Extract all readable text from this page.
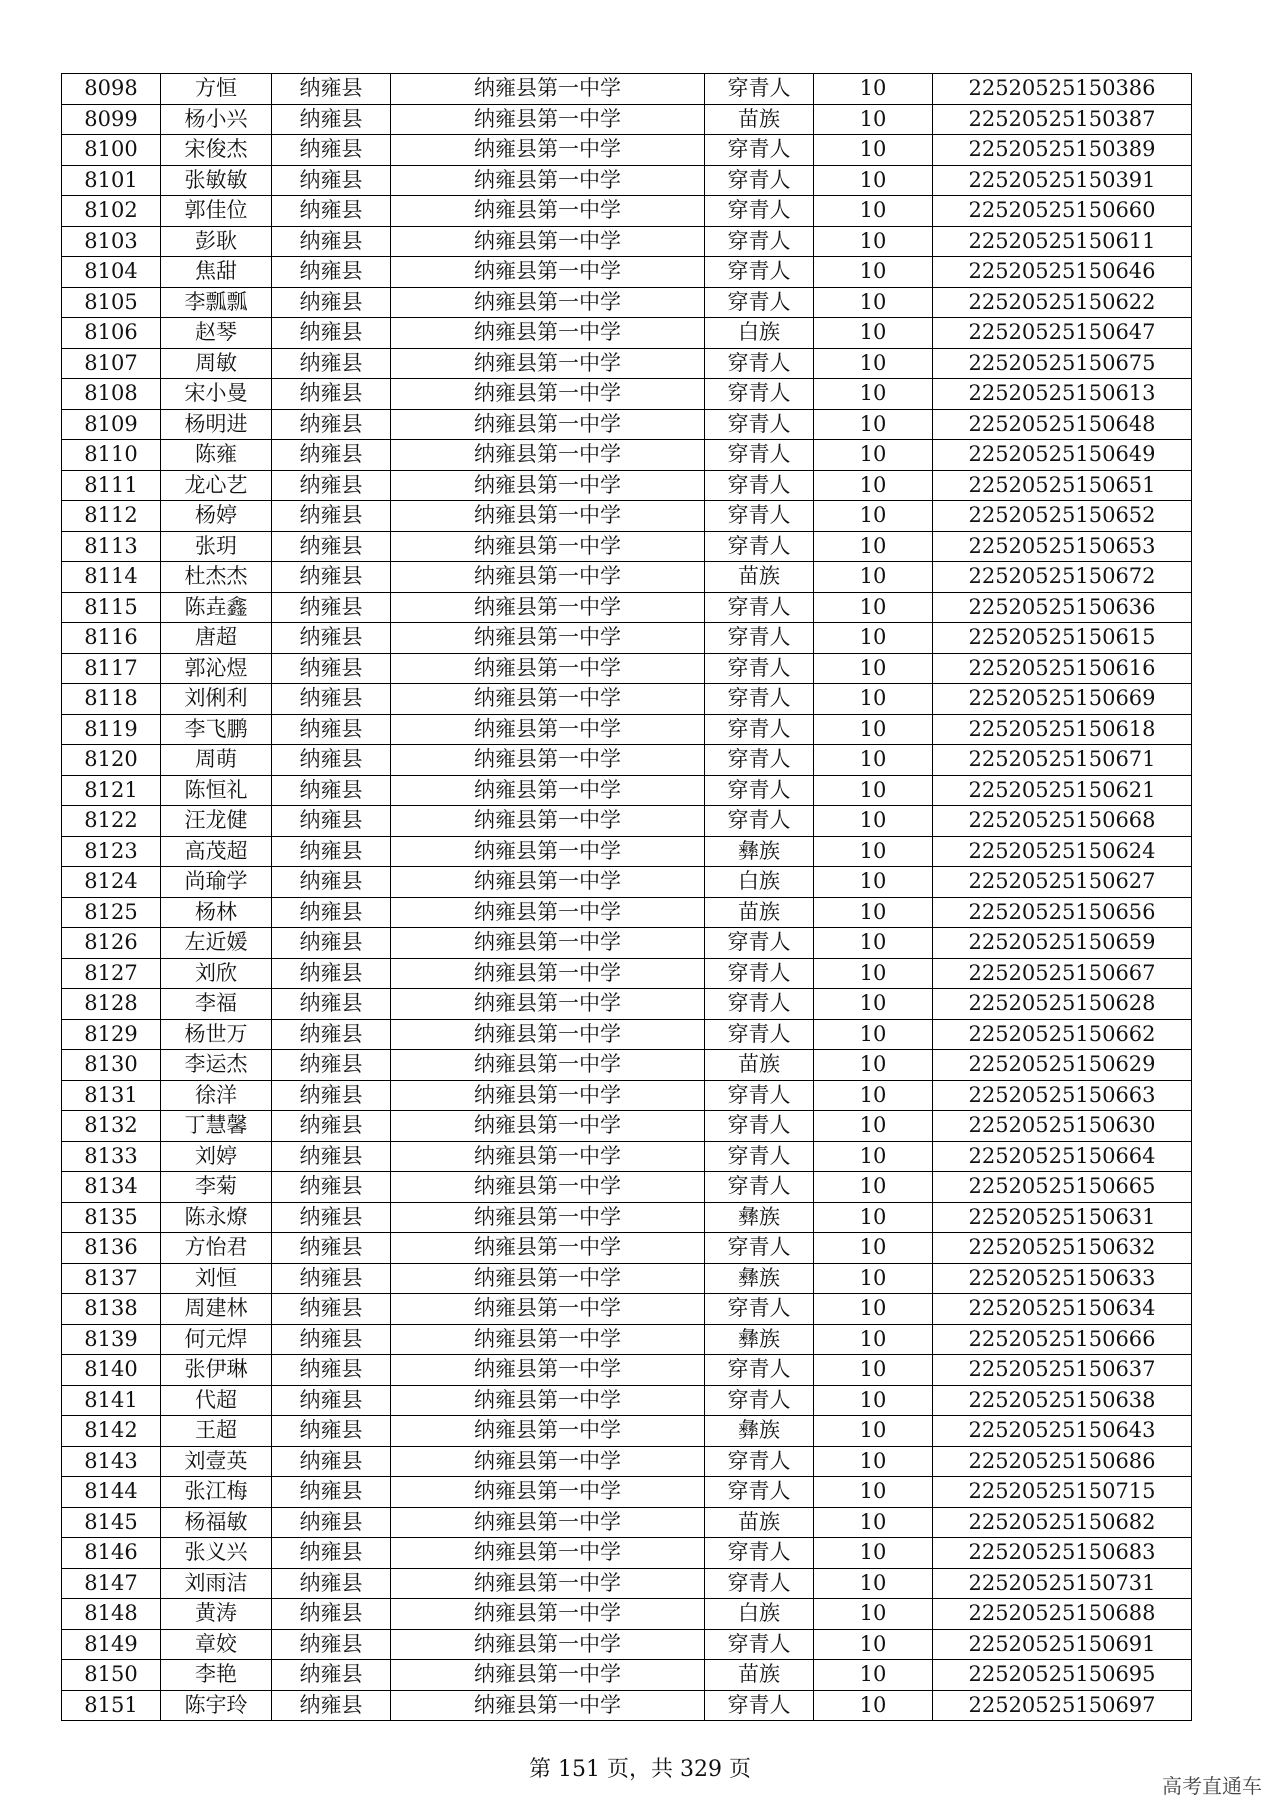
8098	方恒	纳雍县	纳雍县第一中学	穿青人	10	22520525150386
8099	杨小兴	纳雍县	纳雍县第一中学	苗族	10	22520525150387
8100	宋俊杰	纳雍县	纳雍县第一中学	穿青人	10	22520525150389
8101	张敏敏	纳雍县	纳雍县第一中学	穿青人	10	22520525150391
8102	郭佳位	纳雍县	纳雍县第一中学	穿青人	10	22520525150660
8103	彭耿	纳雍县	纳雍县第一中学	穿青人	10	22520525150611
8104	焦甜	纳雍县	纳雍县第一中学	穿青人	10	22520525150646
8105	李瓢瓢	纳雍县	纳雍县第一中学	穿青人	10	22520525150622
8106	赵琴	纳雍县	纳雍县第一中学	白族	10	22520525150647
8107	周敏	纳雍县	纳雍县第一中学	穿青人	10	22520525150675
8108	宋小曼	纳雍县	纳雍县第一中学	穿青人	10	22520525150613
8109	杨明进	纳雍县	纳雍县第一中学	穿青人	10	22520525150648
8110	陈雍	纳雍县	纳雍县第一中学	穿青人	10	22520525150649
8111	龙心艺	纳雍县	纳雍县第一中学	穿青人	10	22520525150651
8112	杨婷	纳雍县	纳雍县第一中学	穿青人	10	22520525150652
8113	张玥	纳雍县	纳雍县第一中学	穿青人	10	22520525150653
8114	杜杰杰	纳雍县	纳雍县第一中学	苗族	10	22520525150672
8115	陈垚鑫	纳雍县	纳雍县第一中学	穿青人	10	22520525150636
8116	唐超	纳雍县	纳雍县第一中学	穿青人	10	22520525150615
8117	郭沁煜	纳雍县	纳雍县第一中学	穿青人	10	22520525150616
8118	刘俐利	纳雍县	纳雍县第一中学	穿青人	10	22520525150669
8119	李飞鹏	纳雍县	纳雍县第一中学	穿青人	10	22520525150618
8120	周萌	纳雍县	纳雍县第一中学	穿青人	10	22520525150671
8121	陈恒礼	纳雍县	纳雍县第一中学	穿青人	10	22520525150621
8122	汪龙健	纳雍县	纳雍县第一中学	穿青人	10	22520525150668
8123	高茂超	纳雍县	纳雍县第一中学	彝族	10	22520525150624
8124	尚瑜学	纳雍县	纳雍县第一中学	白族	10	22520525150627
8125	杨林	纳雍县	纳雍县第一中学	苗族	10	22520525150656
8126	左近媛	纳雍县	纳雍县第一中学	穿青人	10	22520525150659
8127	刘欣	纳雍县	纳雍县第一中学	穿青人	10	22520525150667
8128	李福	纳雍县	纳雍县第一中学	穿青人	10	22520525150628
8129	杨世万	纳雍县	纳雍县第一中学	穿青人	10	22520525150662
8130	李运杰	纳雍县	纳雍县第一中学	苗族	10	22520525150629
8131	徐洋	纳雍县	纳雍县第一中学	穿青人	10	22520525150663
8132	丁慧馨	纳雍县	纳雍县第一中学	穿青人	10	22520525150630
8133	刘婷	纳雍县	纳雍县第一中学	穿青人	10	22520525150664
8134	李菊	纳雍县	纳雍县第一中学	穿青人	10	22520525150665
8135	陈永燎	纳雍县	纳雍县第一中学	彝族	10	22520525150631
8136	方怡君	纳雍县	纳雍县第一中学	穿青人	10	22520525150632
8137	刘恒	纳雍县	纳雍县第一中学	彝族	10	22520525150633
8138	周建林	纳雍县	纳雍县第一中学	穿青人	10	22520525150634
8139	何元焊	纳雍县	纳雍县第一中学	彝族	10	22520525150666
8140	张伊琳	纳雍县	纳雍县第一中学	穿青人	10	22520525150637
8141	代超	纳雍县	纳雍县第一中学	穿青人	10	22520525150638
8142	王超	纳雍县	纳雍县第一中学	彝族	10	22520525150643
8143	刘壹英	纳雍县	纳雍县第一中学	穿青人	10	22520525150686
8144	张江梅	纳雍县	纳雍县第一中学	穿青人	10	22520525150715
8145	杨福敏	纳雍县	纳雍县第一中学	苗族	10	22520525150682
8146	张义兴	纳雍县	纳雍县第一中学	穿青人	10	22520525150683
8147	刘雨洁	纳雍县	纳雍县第一中学	穿青人	10	22520525150731
8148	黄涛	纳雍县	纳雍县第一中学	白族	10	22520525150688
8149	章姣	纳雍县	纳雍县第一中学	穿青人	10	22520525150691
8150	李艳	纳雍县	纳雍县第一中学	苗族	10	22520525150695
8151	陈宇玲	纳雍县	纳雍县第一中学	穿青人	10	22520525150697
第 151 页，共 329 页
高考直通车
